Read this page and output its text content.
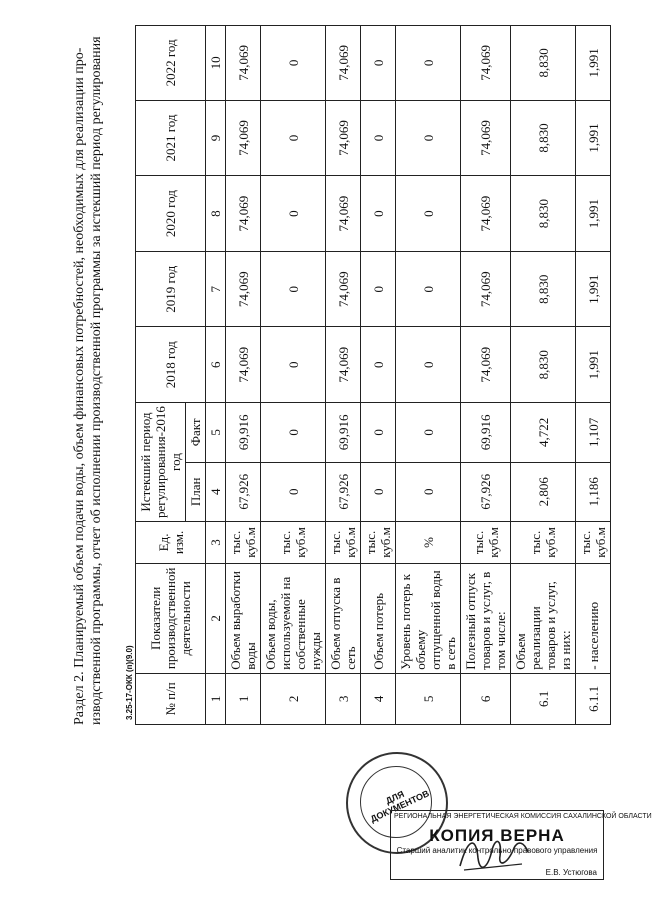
Раздел 2. Планируемый объем подачи воды, объем финансовых потребностей, необходимых для реализации про- изводственной программы, отчет об исполнении производственной программы за истекший период регулирования	№ п/п	Показатели производственной деятельности	Ед. изм.	Истекший период регулирования-2016 год		2018 год	2019 год	2020 год	2021 год	2022 год
			План	Факт					
1	2	3	4	5	6	7	8	9	10
1	Объем выработки воды	тыс. куб.м	67,926	69,916	74,069	74,069	74,069	74,069	74,069
2	Объем воды, используемой на собственные нужды	тыс. куб.м	0	0	0	0	0	0	0
3	Объем отпуска в сеть	тыс. куб.м	67,926	69,916	74,069	74,069	74,069	74,069	74,069
4	Объем потерь	тыс. куб.м	0	0	0	0	0	0	0
5	Уровень потерь к объему отпущенной воды в сеть	%	0	0	0	0	0	0	0
6	Полезный отпуск товаров и услуг, в том числе:	тыс. куб.м	67,926	69,916	74,069	74,069	74,069	74,069	74,069
6.1	Объем реализации товаров и услуг, из них:	тыс. куб.м	2,806	4,722	8,830	8,830	8,830	8,830	8,830
6.1.1	- населению	тыс. куб.м	1,186	1,107	1,991	1,991	1,991	1,991	1,991
3.25-17-ОКК (п)(9.0)
ДЛЯ ДОКУМЕНТОВ
РЕГИОНАЛЬНАЯ ЭНЕРГЕТИЧЕСКАЯ КОМИССИЯ САХАЛИНСКОЙ ОБЛАСТИ
КОПИЯ ВЕРНА
Старший аналитик контрольно-правового управления
Е.В. Устюгова
